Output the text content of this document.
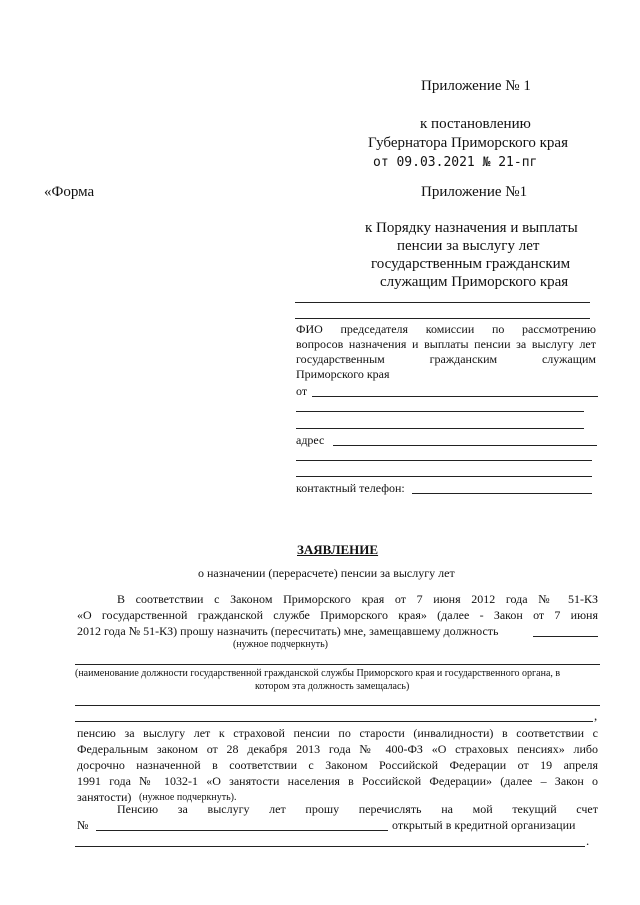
Приложение № 1
к постановлению
Губернатора Приморского края
от 09.03.2021 № 21-пг
«Форма	Приложение №1
к Порядку назначения и выплаты
пенсии за выслугу лет
государственным гражданским
служащим Приморского края
ФИО председателя комиссии по рассмотрению
вопросов назначения и выплаты пенсии за выслугу лет
государственным гражданским служащим
Приморского края
от
адрес
контактный телефон:
ЗАЯВЛЕНИЕ
о назначении (перерасчете) пенсии за выслугу лет
В соответствии с Законом Приморского края от 7 июня 2012 года № 51-КЗ
«О государственной гражданской службе Приморского края» (далее - Закон от 7 июня
2012 года № 51-КЗ) прошу назначить (пересчитать) мне, замещавшему должность
(нужное подчеркнуть)
(наименование должности государственной гражданской службы Приморского края и государственного органа, в
котором эта должность замещалась)
,
пенсию за выслугу лет к страховой пенсии по старости (инвалидности) в соответствии с
Федеральным законом от 28 декабря 2013 года № 400-ФЗ «О страховых пенсиях» либо
досрочно назначенной в соответствии с Законом Российской Федерации от 19 апреля
1991 года № 1032-1 «О занятости населения в Российской Федерации» (далее – Закон о
занятости) (нужное подчеркнуть).
Пенсию за выслугу лет прошу перечислять на мой текущий счет
№	открытый в кредитной организации
.
